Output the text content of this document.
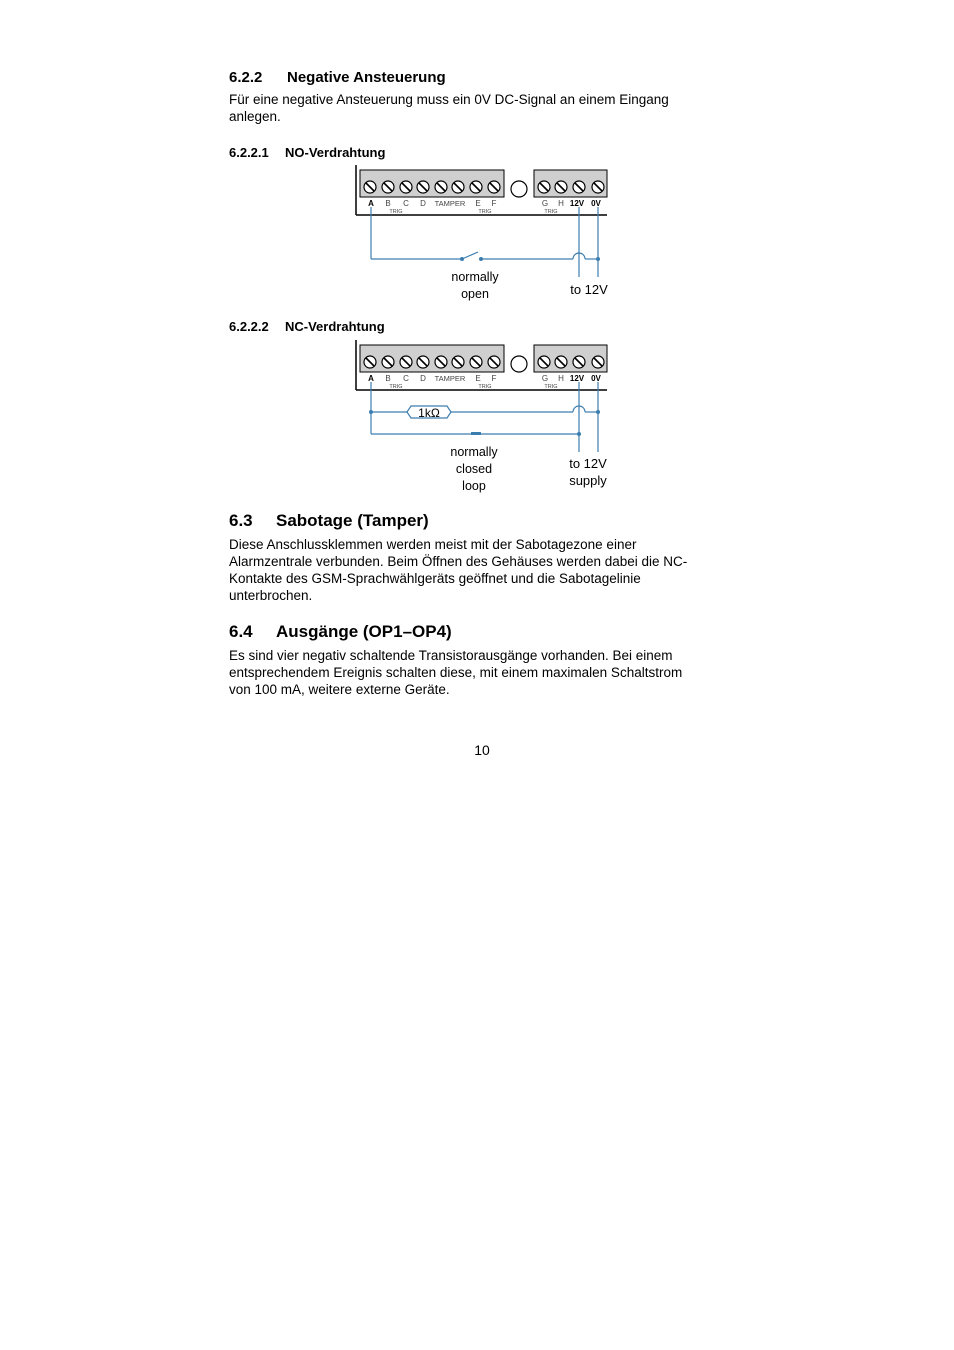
6.2.2 Negative Ansteuerung
Für eine negative Ansteuerung muss ein 0V DC-Signal an einem Eingang
anlegen.
6.2.2.1 NO-Verdrahtung
A B C D TAMPER E F	G H 12V 0V
TRIG	TRIG	TRIG
normally
open	to 12V
6.2.2.2 NC-Verdrahtung
A B C D TAMPER E F	G H 12V 0V
TRIG	TRIG	TRIG
1kΩ
normally
closed
loop
to 12V
supply
6.3 Sabotage (Tamper)
Diese Anschlussklemmen werden meist mit der Sabotagezone einer
Alarmzentrale verbunden. Beim Öffnen des Gehäuses werden dabei die NC-
Kontakte des GSM-Sprachwählgeräts geöffnet und die Sabotagelinie
unterbrochen.
6.4 Ausgänge (OP1–OP4)
Es sind vier negativ schaltende Transistorausgänge vorhanden. Bei einem
entsprechendem Ereignis schalten diese, mit einem maximalen Schaltstrom
von 100 mA, weitere externe Geräte.
10
